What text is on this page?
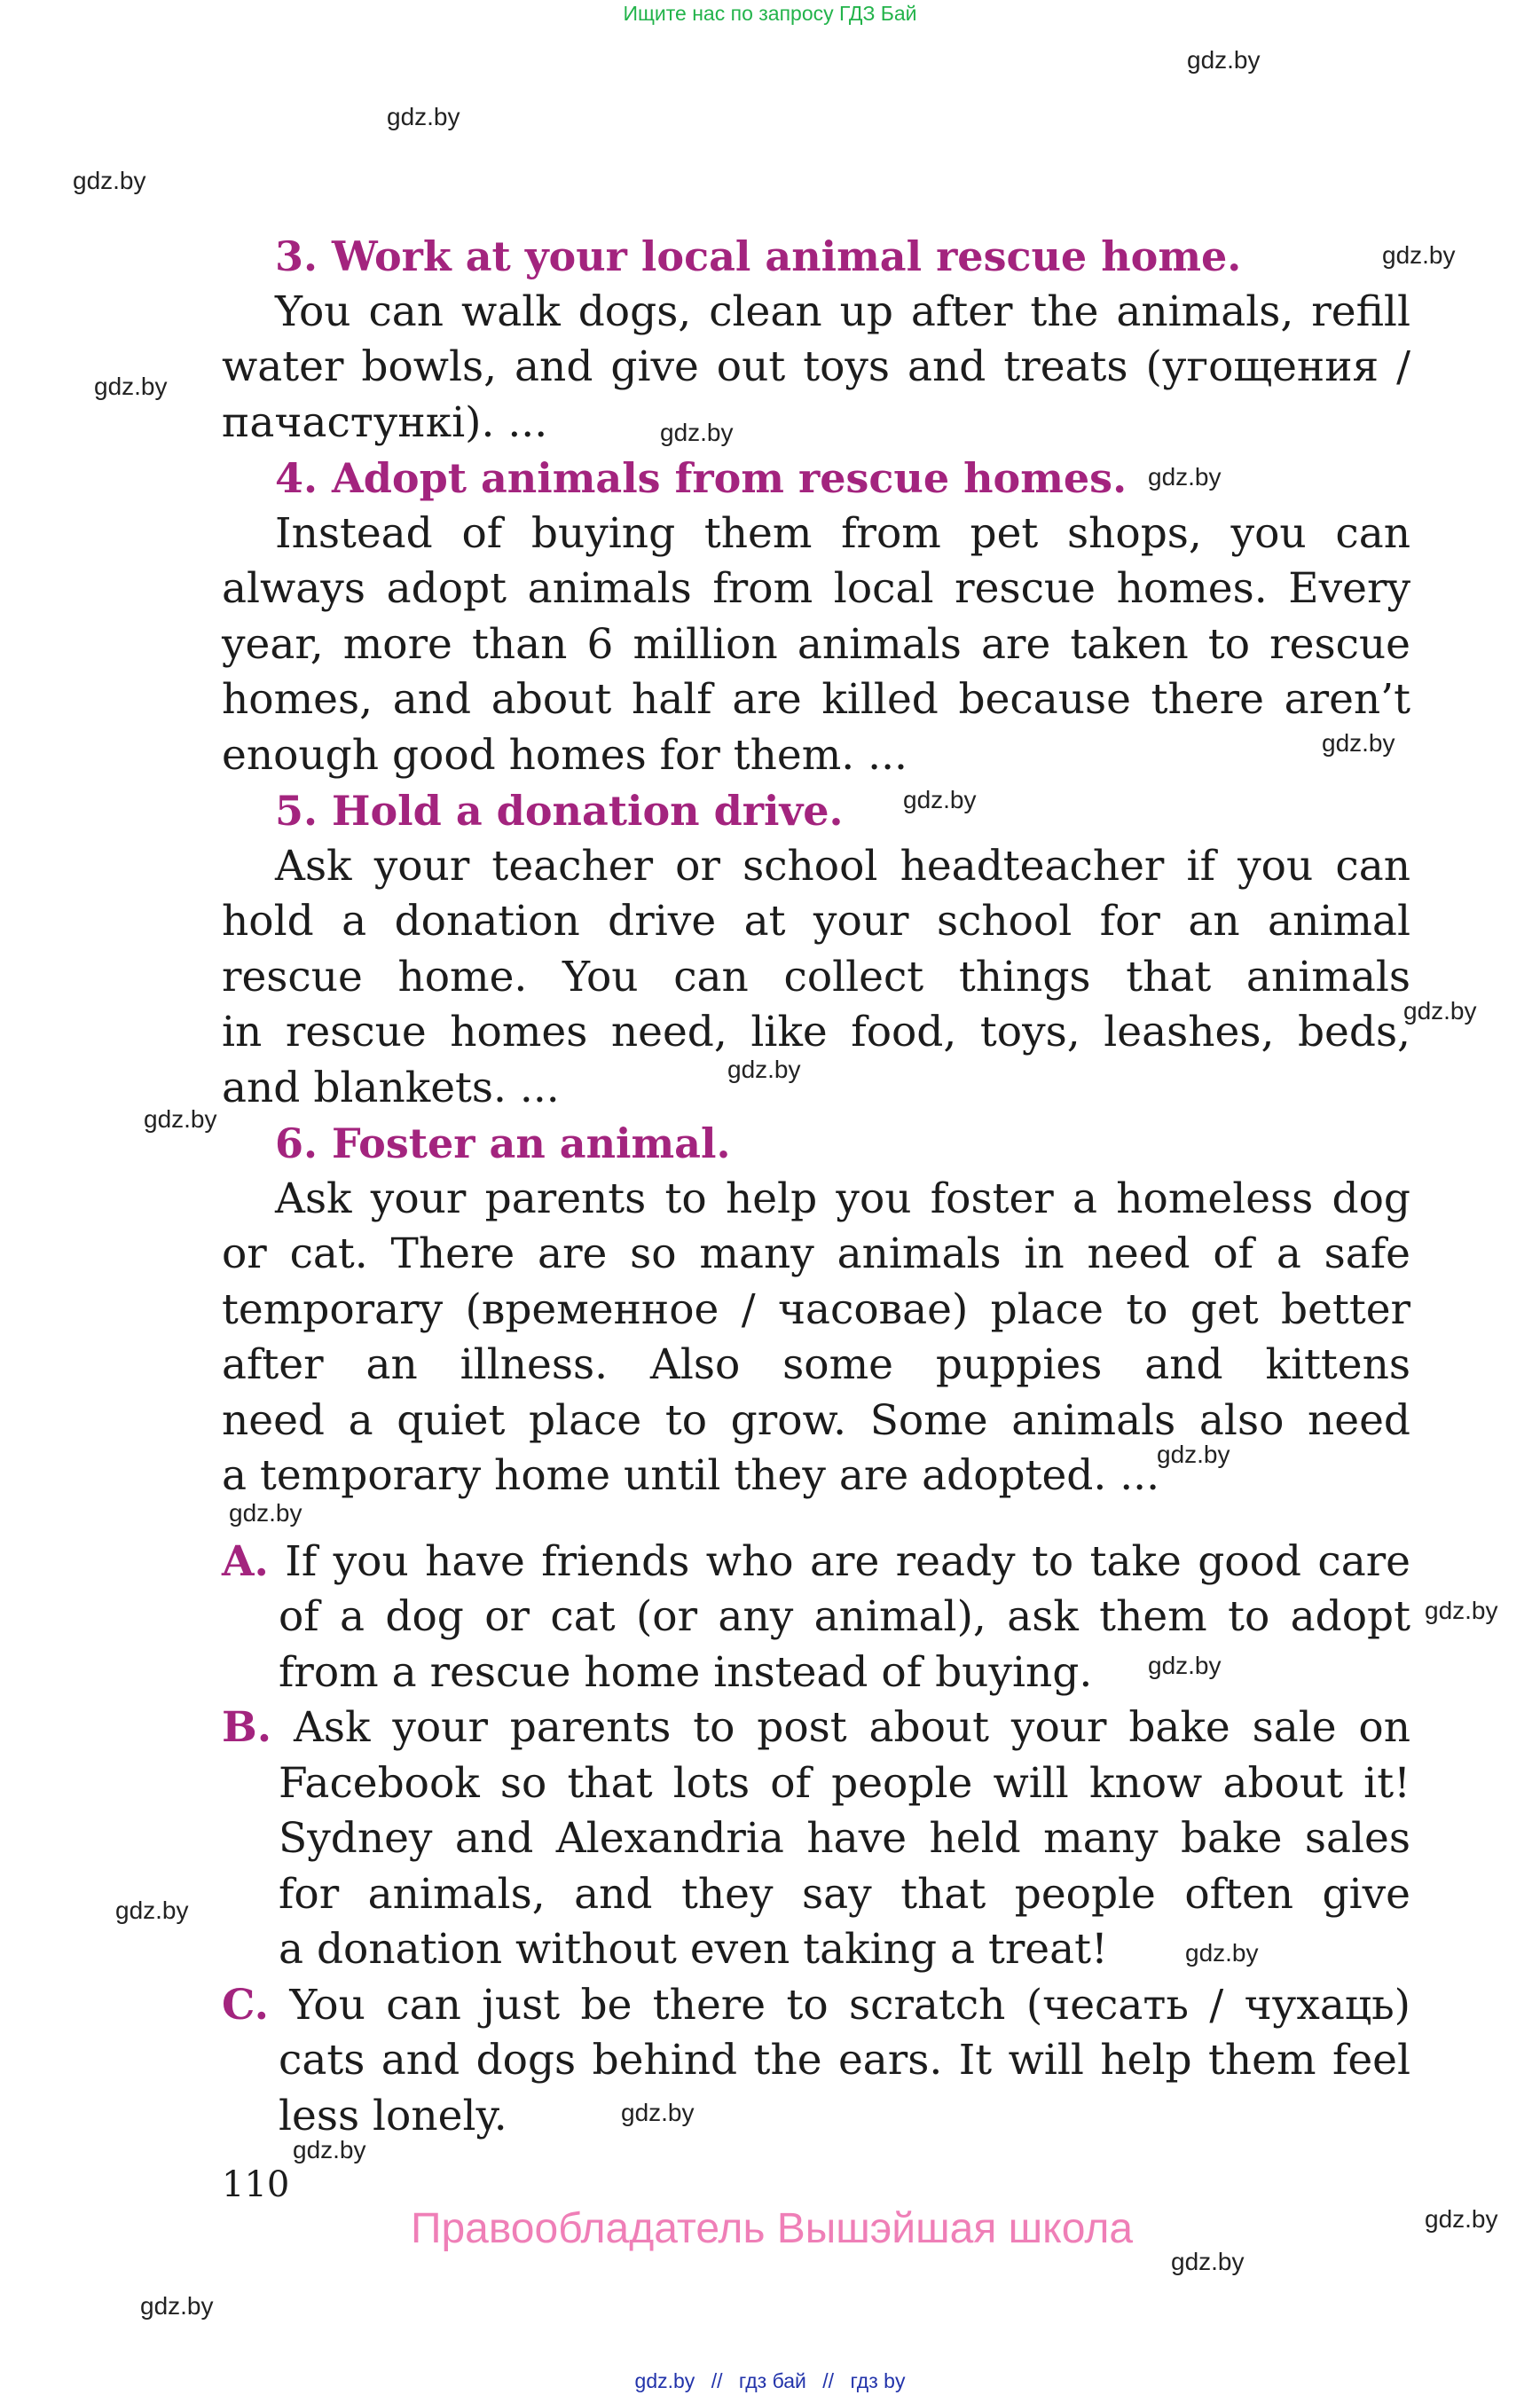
Ищите нас по запросу ГДЗ Бай
gdz.by // гдз бай // гдз by
gdz.by
gdz.by
gdz.by
gdz.by
gdz.by
gdz.by
gdz.by
gdz.by
gdz.by
gdz.by
gdz.by
gdz.by
gdz.by
gdz.by
gdz.by
gdz.by
gdz.by
gdz.by
gdz.by
gdz.by
gdz.by
gdz.by
gdz.by
3. Work at your local animal rescue home.
You can walk dogs, clean up after the animals, refill
water bowls, and give out toys and treats (угощения /
пачастункі). ...
4. Adopt animals from rescue homes.
Instead of buying them from pet shops, you can
always adopt animals from local rescue homes. Every
year, more than 6 million animals are taken to rescue
homes, and about half are killed because there aren’t
enough good homes for them. ...
5. Hold a donation drive.
Ask your teacher or school headteacher if you can
hold a donation drive at your school for an animal
rescue home. You can collect things that animals
in rescue homes need, like food, toys, leashes, beds,
and blankets. ...
6. Foster an animal.
Ask your parents to help you foster a homeless dog
or cat. There are so many animals in need of a safe
temporary (временное / часовае) place to get better
after an illness. Also some puppies and kittens
need a quiet place to grow. Some animals also need
a temporary home until they are adopted. ...
A. If you have friends who are ready to take good care
of a dog or cat (or any animal), ask them to adopt
from a rescue home instead of buying.
B. Ask your parents to post about your bake sale on
Facebook so that lots of people will know about it!
Sydney and Alexandria have held many bake sales
for animals, and they say that people often give
a donation without even taking a treat!
C. You can just be there to scratch (чесать / чухаць)
cats and dogs behind the ears. It will help them feel
less lonely.
110
Правообладатель Вышэйшая школа
